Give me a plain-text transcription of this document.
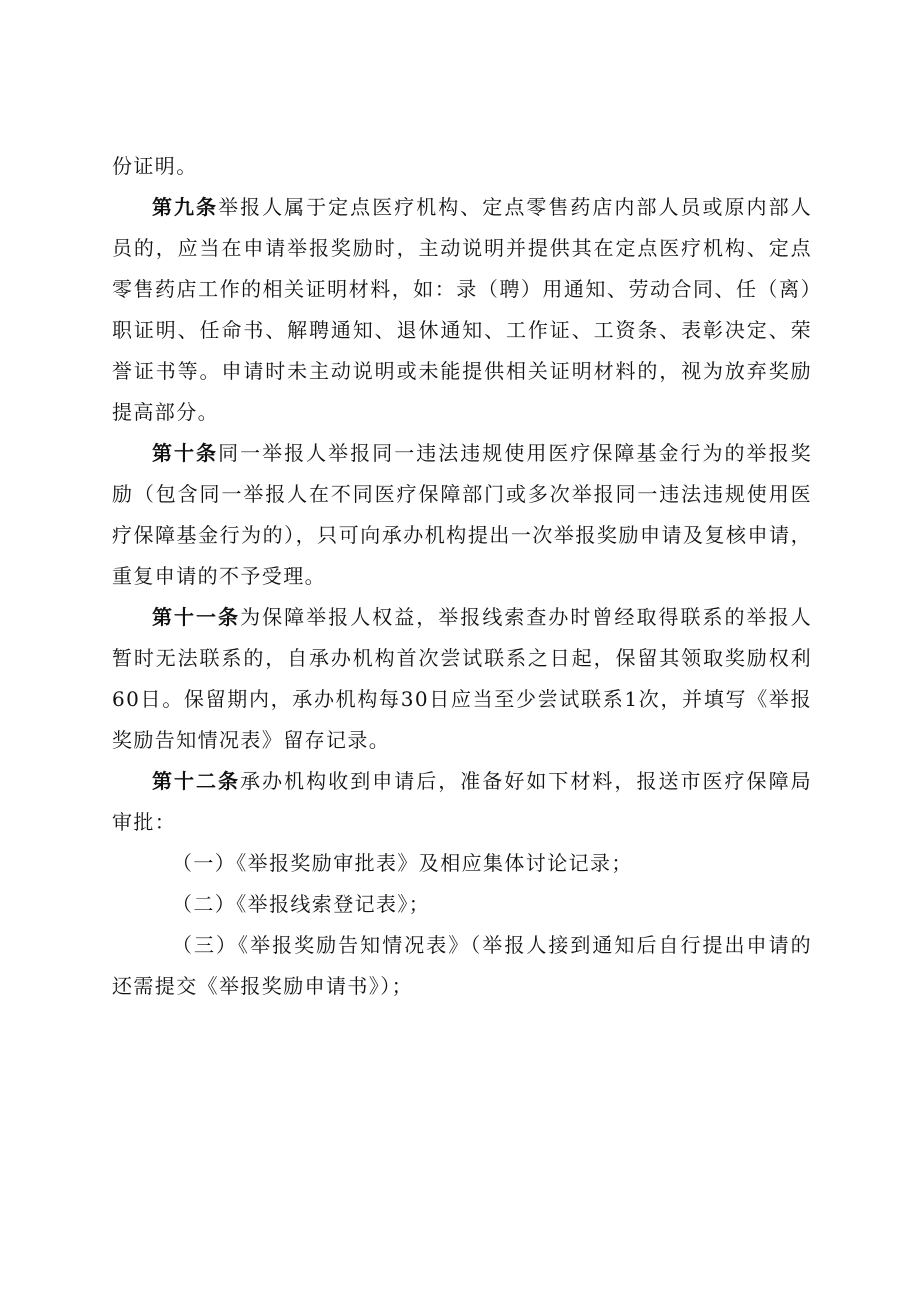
份证明。

第九条举报人属于定点医疗机构、定点零售药店内部人员或原内部人员的，应当在申请举报奖励时，主动说明并提供其在定点医疗机构、定点零售药店工作的相关证明材料，如：录（聘）用通知、劳动合同、任（离）职证明、任命书、解聘通知、退休通知、工作证、工资条、表彰决定、荣誉证书等。申请时未主动说明或未能提供相关证明材料的，视为放弃奖励提高部分。

第十条同一举报人举报同一违法违规使用医疗保障基金行为的举报奖励（包含同一举报人在不同医疗保障部门或多次举报同一违法违规使用医疗保障基金行为的），只可向承办机构提出一次举报奖励申请及复核申请，重复申请的不予受理。

第十一条为保障举报人权益，举报线索查办时曾经取得联系的举报人暂时无法联系的，自承办机构首次尝试联系之日起，保留其领取奖励权利60日。保留期内，承办机构每30日应当至少尝试联系1次，并填写《举报奖励告知情况表》留存记录。

第十二条承办机构收到申请后，准备好如下材料，报送市医疗保障局审批：

（一）《举报奖励审批表》及相应集体讨论记录；

（二）《举报线索登记表》；

（三）《举报奖励告知情况表》（举报人接到通知后自行提出申请的还需提交《举报奖励申请书》）；
